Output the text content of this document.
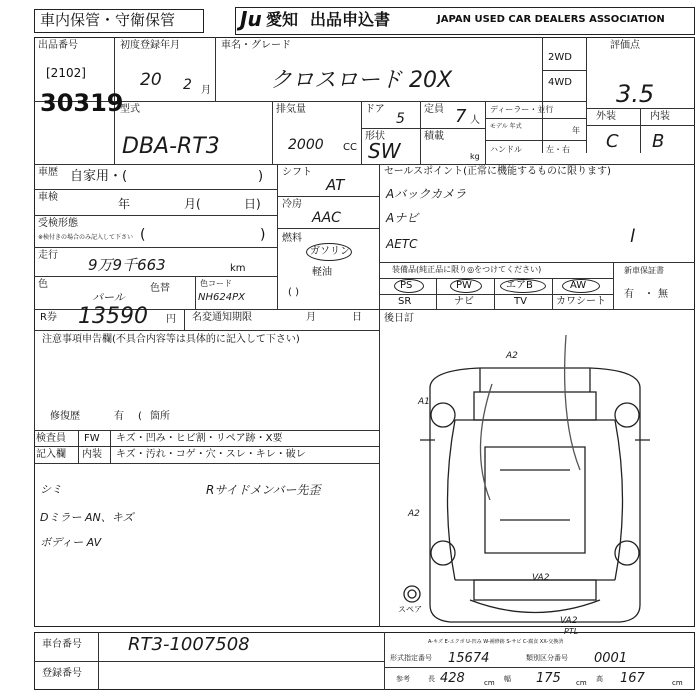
車内保管・守衛保管	Ju 愛知 出品申込書	JAPAN USED CAR DEALERS ASSOCIATION
出品番号
[2102]
30319
初度登録年月
20 2 月
車名・グレード
クロスロード 20X
2WD
4WD
評価点
3.5
外装	内装
C B
型式
DBA-RT3
排気量
2000 CC
ドア
5
形状
SW
定員 7 人
積載
kg
ディーラー・並行
モデル 年式	年
ハンドル	左・右
車歴 自家用・(	)
車検	年	月(	日)
受検形態
※検付きの場合のみ記入して下さい (	)
走行
9万9千663	km
色
パール
色替	色コード
NH624PX
R券 13590 円 名変通知期限	月	日
シフト
AT
冷房
AAC
燃料
ガソリン
軽油
( )
セールスポイント(正常に機能するものに限ります)
Aバックカメラ
Aナビ
AETC	l
装備品(純正品に限り◎をつけてください)
PS	PW	エアB	AW
SR	ナビ	TV	カワシート
新車保証書
有 ・ 無
注意事項申告欄(不具合内容等は具体的に記入して下さい)
修復歴	有 ( 箇所
後日訂
検査員
記入欄
FW キズ・凹み・ヒビ割・リペア跡・X要
内装 キズ・汚れ・コゲ・穴・スレ・キレ・破レ
シミ
Dミラー AN、キズ
ボディー AV
Rサイドメンバー先歪
A2
A1
A2
VA2
VA2
PTL
スペア
A-キズ E-エクボ U-凹み W-補修跡 S-サビ C-腐食 XX-交換済
車台番号	RT3-1007508
登録番号
形式指定番号 15674	類別区分番号 0001
参考	長 428	cm 幅 175 cm 高 167	cm
